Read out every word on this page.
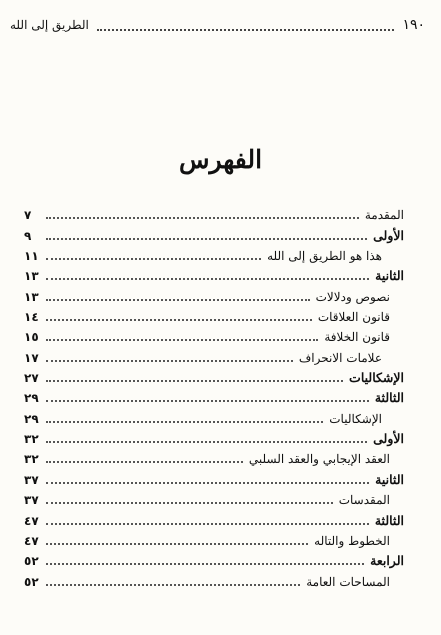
١٩٠
الطريق إلى الله
الفهرس
المقدمة
٧
الأولى
٩
هذا هو الطريق إلى الله
١١
الثانية
١٣
نصوص ودلالات
١٣
قانون العلاقات
١٤
قانون الخلافة
١٥
علامات الانحراف
١٧
الإشكاليات
٢٧
الثالثة
٢٩
الإشكاليات
٢٩
الأولى
٣٢
العقد الإيجابي والعقد السلبي
٣٢
الثانية
٣٧
المقدسات
٣٧
الثالثة
٤٧
الخطوط والتاله
٤٧
الرابعة
٥٢
المساحات العامة
٥٢
